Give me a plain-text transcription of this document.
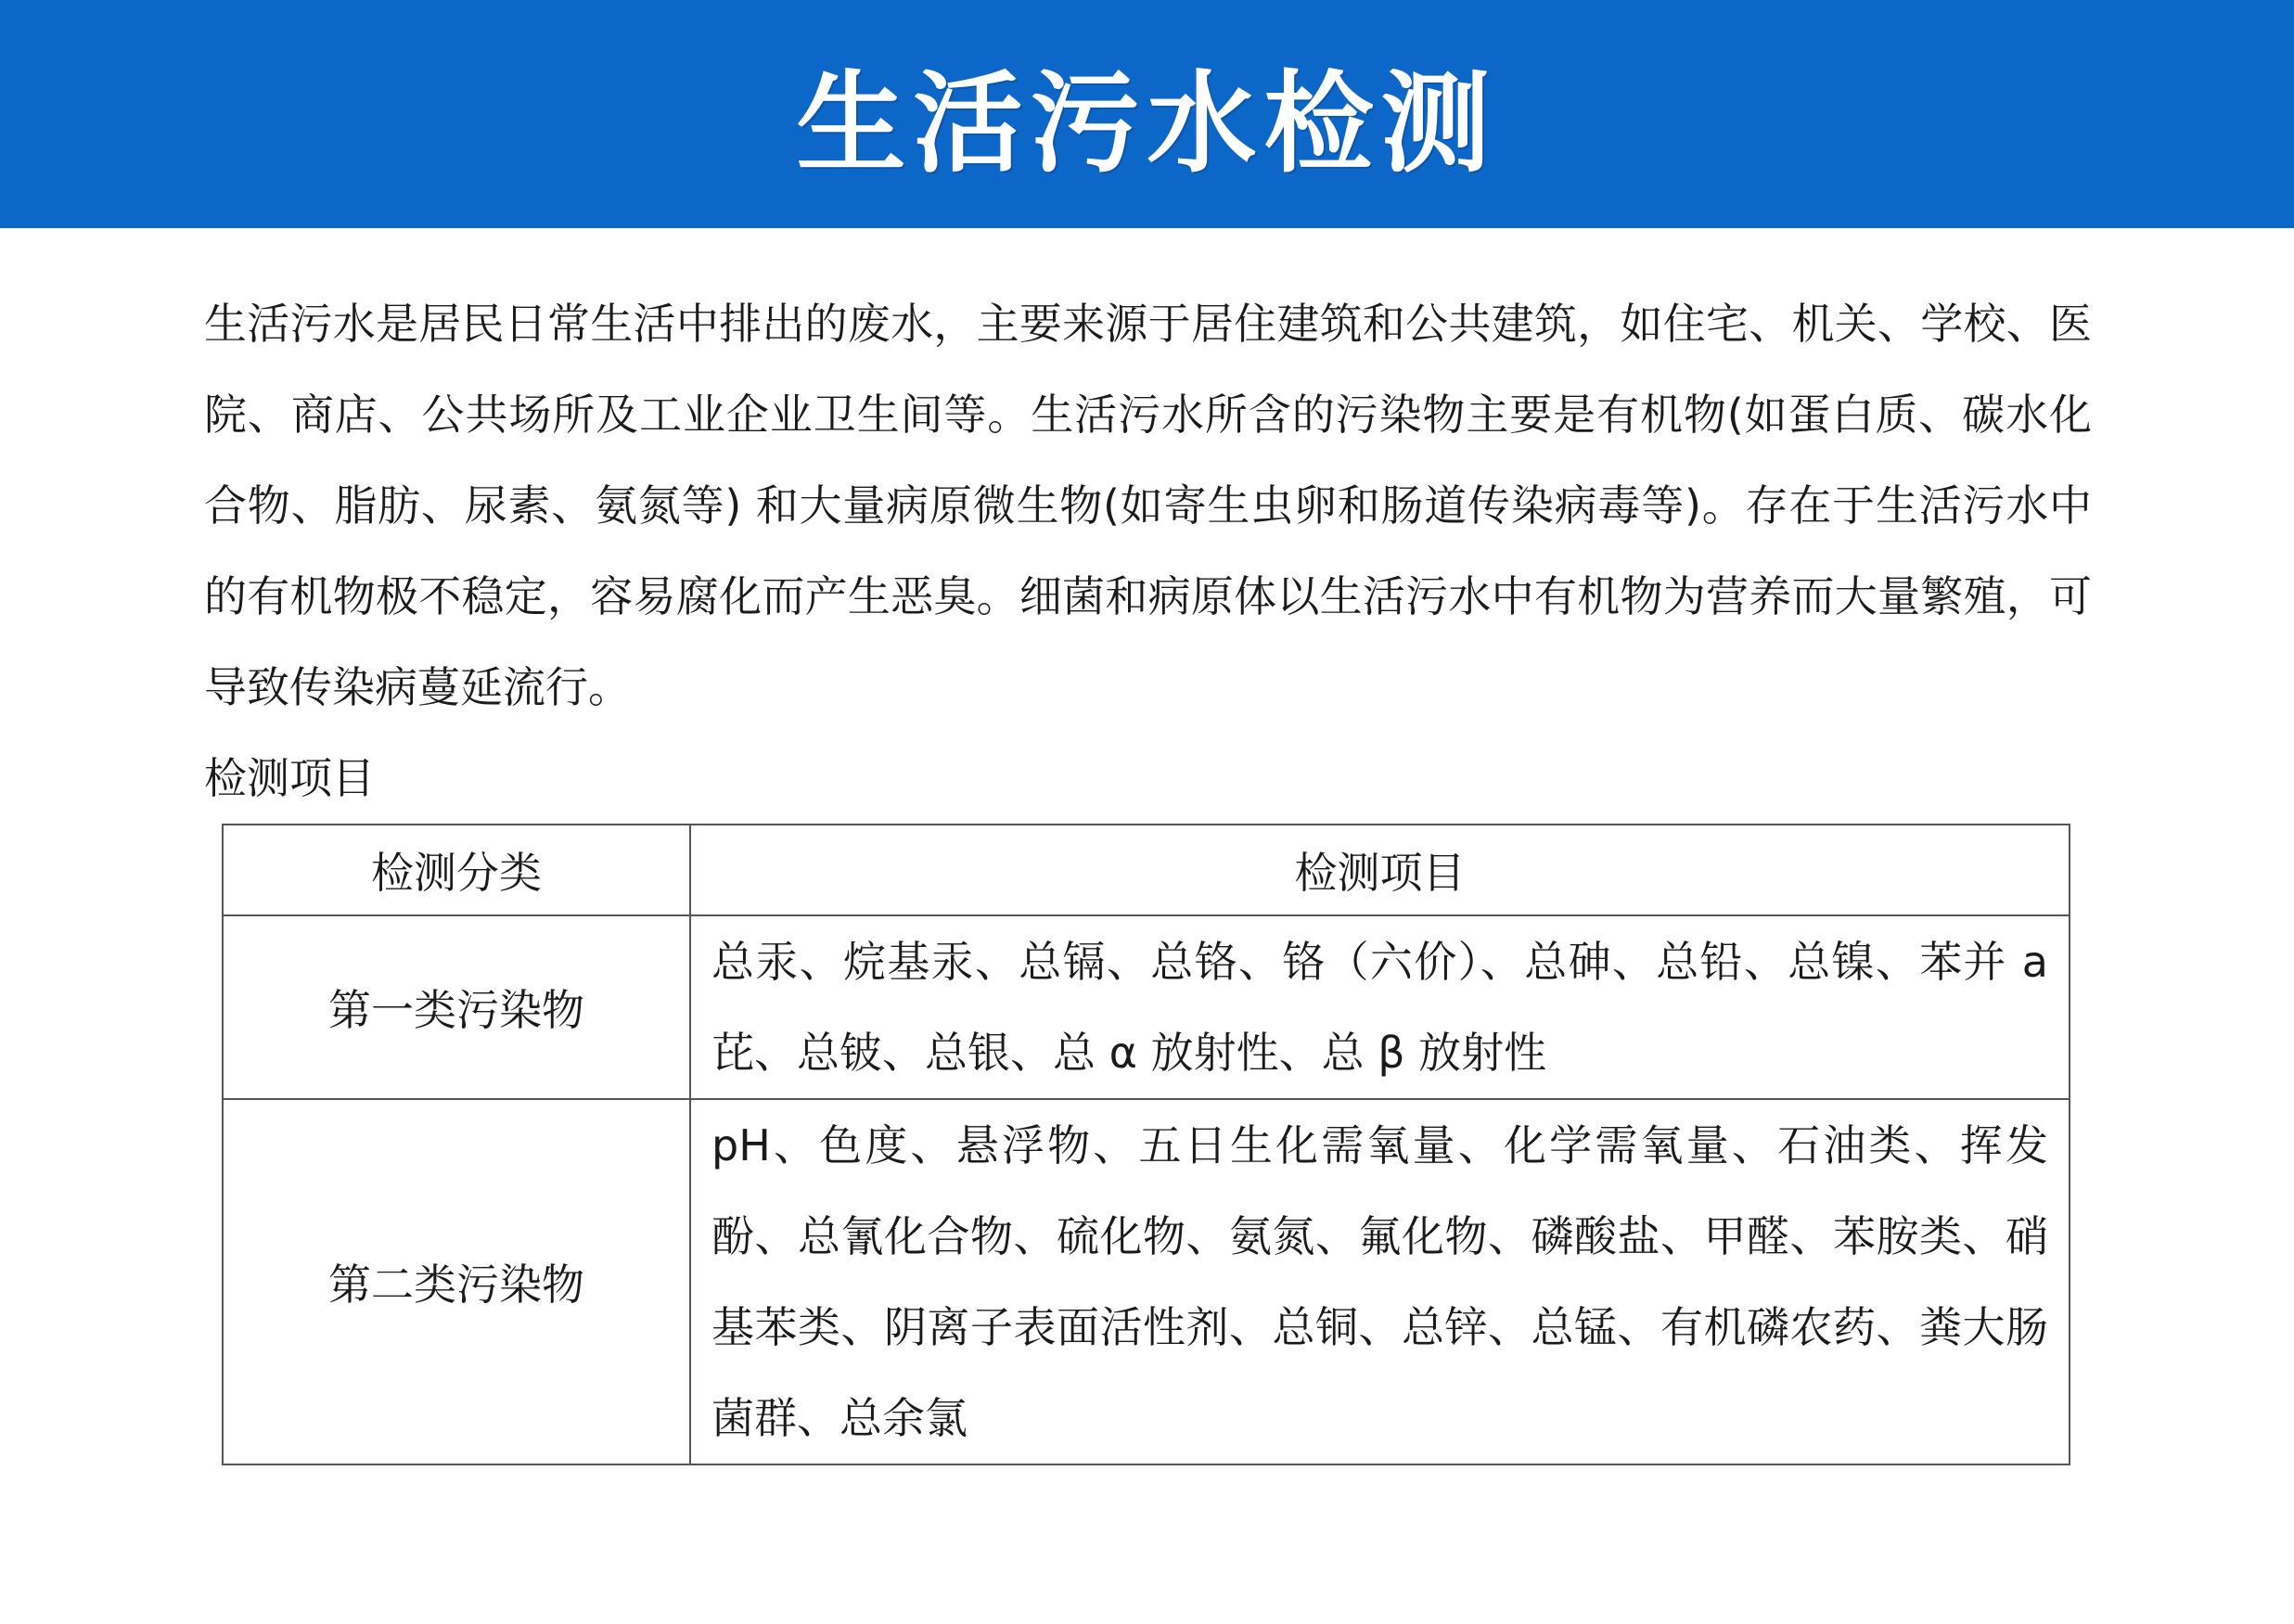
生活污水检测

生活污水是居民日常生活中排出的废水，主要来源于居住建筑和公共建筑，如住宅、机关、学校、医院、商店、公共场所及工业企业卫生间等。生活污水所含的污染物主要是有机物(如蛋白质、碳水化合物、脂肪、尿素、氨氮等) 和大量病原微生物(如寄生虫卵和肠道传染病毒等)。存在于生活污水中的有机物极不稳定，容易腐化而产生恶臭。细菌和病原体以生活污水中有机物为营养而大量繁殖，可导致传染病蔓延流行。

检测项目

检测分类	检测项目
第一类污染物	总汞、烷基汞、总镉、总铬、铬（六价）、总砷、总铅、总镍、苯并 a 芘、总铍、总银、总 α 放射性、总 β 放射性
第二类污染物	pH、色度、悬浮物、五日生化需氧量、化学需氧量、石油类、挥发酚、总氰化合物、硫化物、氨氮、氟化物、磷酸盐、甲醛、苯胺类、硝基苯类、阴离子表面活性剂、总铜、总锌、总锰、有机磷农药、粪大肠菌群、总余氯
